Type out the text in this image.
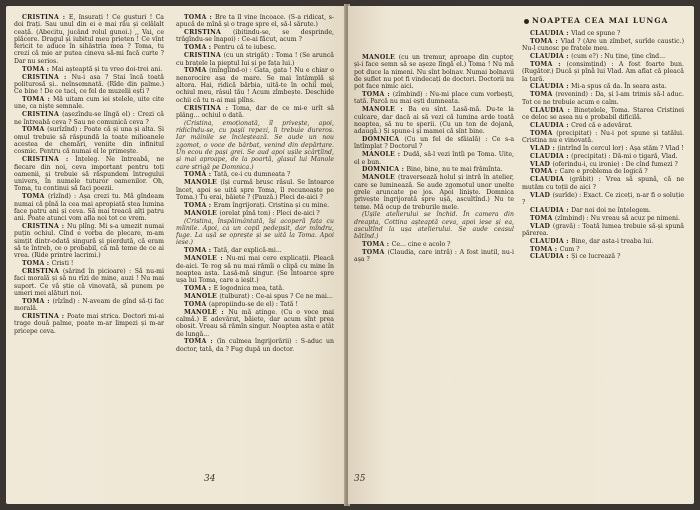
CRISTINA : E, însurați ! Ce gusturi ! Ca doi frați. Sau unul din ei e mai rău și celălalt ceață. (Abecitu, jucând rolul gunoi.) ,, Vai, ce plăcere. Dragul și iubitul meu prieten ! Ce vînt fericit te aduce în sihăstria mea ? Toma, tu crezi că mie ar putea cineva să-mi facă curte ? Dar nu serios.

TOMA : Mai așteaptă și tu vreo doi-trei ani.

CRISTINA : Nu-i asa ? Stai încă toată politurosă și.. neînsemnată. (Rîde din palme.) Ce bine ! De ce taci, ce fel de muzelii ești ?

TOMA : Mă uitam cum iei stelele, uite cite une, ca niște semnale.

CRISTINA (așezîndu-se lîngă el) : Crezi că ne întreabă ceva ? Sau ne comunică ceva ?

TOMA (surîzînd) : Poate că și una și alta. Și omul trebuie să răspundă la toate milioanele acestea de chemări, veniite din infinitul cosmic. Pentru că numai el le primește.

CRISTINA : Înțeleg. Ne întreabă, ne fiecare din noi, ceva important pentru toți oamenii, și trebuie să răspundem întregului univers, în numele tuturor oamenilor. Oh, Toma, tu continui să faci poezii.

TOMA (rîzînd) : Așa crezi tu. Mă gîndeam numai că pînă la cea mai apropiată stea lumina face patru ani și ceva. Să mai treacă alți patru ani. Poate atunci vom afla noi tot ce vrem.

CRISTINA : Nu plîng. Mi s-a umezit numai puțin ochiul. Cînd e vorba de plecare, m-am simțit dintr-odată singură și pierdută, că eram să te întreb, ce o probabil, că mă teme de ce ai vrea. (Ride printre lacrimi.)

TOMA : Cristi !

CRISTINA (sărind în picioare) : Să nu-mi faci morală și să nu rîzi de mine, auzi ! Nu mai suport. Ce vă știe că vinovată, să punem pe umeri mei alături noi.

TOMA : (rîzînd) : N-aveam de gînd să-ți fac morală.

CRISTINA : Poate mai strica. Doctori mi-ai trage două palme, poate m-ar limpezi și m-ar pricepe ceva.

TOMA : Bre ta îl vine încoace. (S-a ridicat, s-apucă de mînă și o trage spre el, să-l sărute.)

CRISTINA (ibitindu-se, se desprinde, trăgîndu-se înapoi) : Ce-ai făcut, acum ?

TOMA : Pentru că te iubesc.

CRISTINA (cu un strigăt) : Toma ! (Se aruncă cu brațele la pieptul lui și pe fața lui.)

TOMA (mîngîind-o) : Gata, gata ! Nu e chiar o nenorocire așa de mare. Se mai întâmplă și altora. Hai, ridică bărbia, uită-te în ochii mei, ochiul meu, râsul tău ! Acum zîmbește. Deschide ochii că tu n-ai mai plîns.

CRISTINA : Toma, dar de ce mi-e urît să plâng... ochiul o dată.

(Cristina, emoționată, îl privește, apoi, ridicîndu-se, cu pașii repezi, îi trebuie dureros. Iar mâinile se încleștează. Se aude un nou zgomot, o voce de bărbat, venind din depărtare. Un ecou de pași grei. Se aud apoi ușile scârțîind, și mai aproape, de la poartă, glasul lui Manole care strigă pe Domnica.)

TOMA : Tată, ce-i cu dumneata ?

MANOLE (își curmă brusc răsul. Se întoarce încet, apoi se uită spre Toma, îl recunoaște pe Toma.) Tu erai, băiete ? (Pauză.) Pleci de-aici ?

TOMA : Eram îngrijorați. Cristina și cu mine.

MANOLE (orelat pînă ton) : Pleci de-aici ?

(Cristina, înspăimântată, își acoperă fața cu mîinile. Apoi, ca un copil pedepsit, dar mîndru, fuge. La ușă se oprește și se uită la Toma. Apoi iese.)

TOMA : Tată, dar explică-mi...

MANOLE : Nu-mi mai cere explicații. Pleacă de-aici. Te rog să nu mai rămîi o clipă cu mine în noaptea asta. Lasă-mă singur. (Se întoarce spre ușa lui Toma, care a ieșit.)

TOMA : E logodnica mea, tată.

MANOLE (tulburat) : Ce-ai spus ? Ce ne mai...

TOMA (apropiindu-se de el) : Tată !

MANOLE : Nu mă atinge. (Cu o voce mai calmă.) E adevărat, băiete, dar acum sînt prea obosit. Vreau să rămîn singur. Noaptea asta e atât de lungă...

TOMA : (în culmea îngrijorării) : S-aduc un doctor, tată, da ? Fug după un doctor.

34
NOAPTEA CEA MAI LUNGA

MANOLE (cu un tremur, aproape din cuptor, și-i face semn să se așeze lîngă el.) Toma ! Nu mă pot duce la nimeni. Nu sînt bolnav. Numai bolnavii de suflet nu pot fi vindecați de doctori. Doctorii nu pot face nimic aici.

TOMA : (zîmbind) : Nu-mi place cum vorbești, tată. Parcă nu mai ești dumneata.

MANOLE : Ba eu sînt. Lasă-mă. Du-te la culcare, dar dacă ai să vezi că lumina arde toată noaptea, să nu te sperii. (Cu un ton de dojană, adaugă.) Și spune-i și mamei că sînt bine.

DOMNICA (Cu un fel de sfâială) : Ce s-a întîmplat ? Doctorul ?

MANOLE : Dudă, să-l vezi întîi pe Toma. Uite, el e bun.

DOMNICA : Bine, bine, nu te mai frămînta.

MANOLE (traversează holul și intră în atelier, care se luminează. Se aude zgomotul unor unelte grele aruncate pe jos. Apoi liniște. Domnica privește îngrijorată spre ușă, ascultînd.) Nu te teme. Mă ocup de treburile mele.

(Ușile atelierului se închid. În camera din dreapta, Cottina așteaptă ceva, apoi iese și ea, ascultînd la ușa atelierului. Se aude ceasul bătînd.)

TOMA : Ce... cine e acolo ?

TOMA (Claudia, care intră) : A fost inutil, nu-i așa ?

CLAUDIA : Vlad ce spune ?

TOMA : Vlad ? (Are un zîmbet, surîde caustic.) Nu-l cunosc pe fratele meu.

CLAUDIA : (cum e?) : Nu ține, ține cînd...

TOMA : (consimțind) : A fost foarte bun. (Rugător.) Ducă și pînă lui Vlad. Am aflat că pleacă la țară.

CLAUDIA : Mi-a spus că da. În seara asta.

TOMA (revenind) : Da, și l-am trimis să-l aduc. Tot ce ne trebuie acum e calm.

CLAUDIA : Binețelele, Toma. Starea Cristinei ce deloc se asea nu e probabil dificilă.

CLAUDIA : Cred că e adevărat.

TOMA (precipitat) : Nu-i pot spune și tatălui. Cristina nu e vinovată.

VLAD : (intrînd în cercul lor) : Așa stăm ? Vlad !

CLAUDIA : (precipitat) : Dă-mi o țigară, Vlad.

VLAD (oferindu-i, cu ironie) : De cînd fumezi ?

TOMA : Care e problema de logică ?

CLAUDIA (grăbit) : Vrea să spună, că ne mutăm cu toții de aici ?

VLAD (surîde) : Exact. Ce ziceți, n-ar fi o soluție ?

CLAUDIA : Dar noi doi ne înțelegem.

TOMA (zîmbind) : Nu vreau să acuz pe nimeni.

VLAD (gravă) : Toată lumea trebuie să-și spună părerea.

CLAUDIA : Bine, dar asta-i treaba lui.

TOMA : Cum ?

CLAUDIA : Și ce lucrează ?

35
